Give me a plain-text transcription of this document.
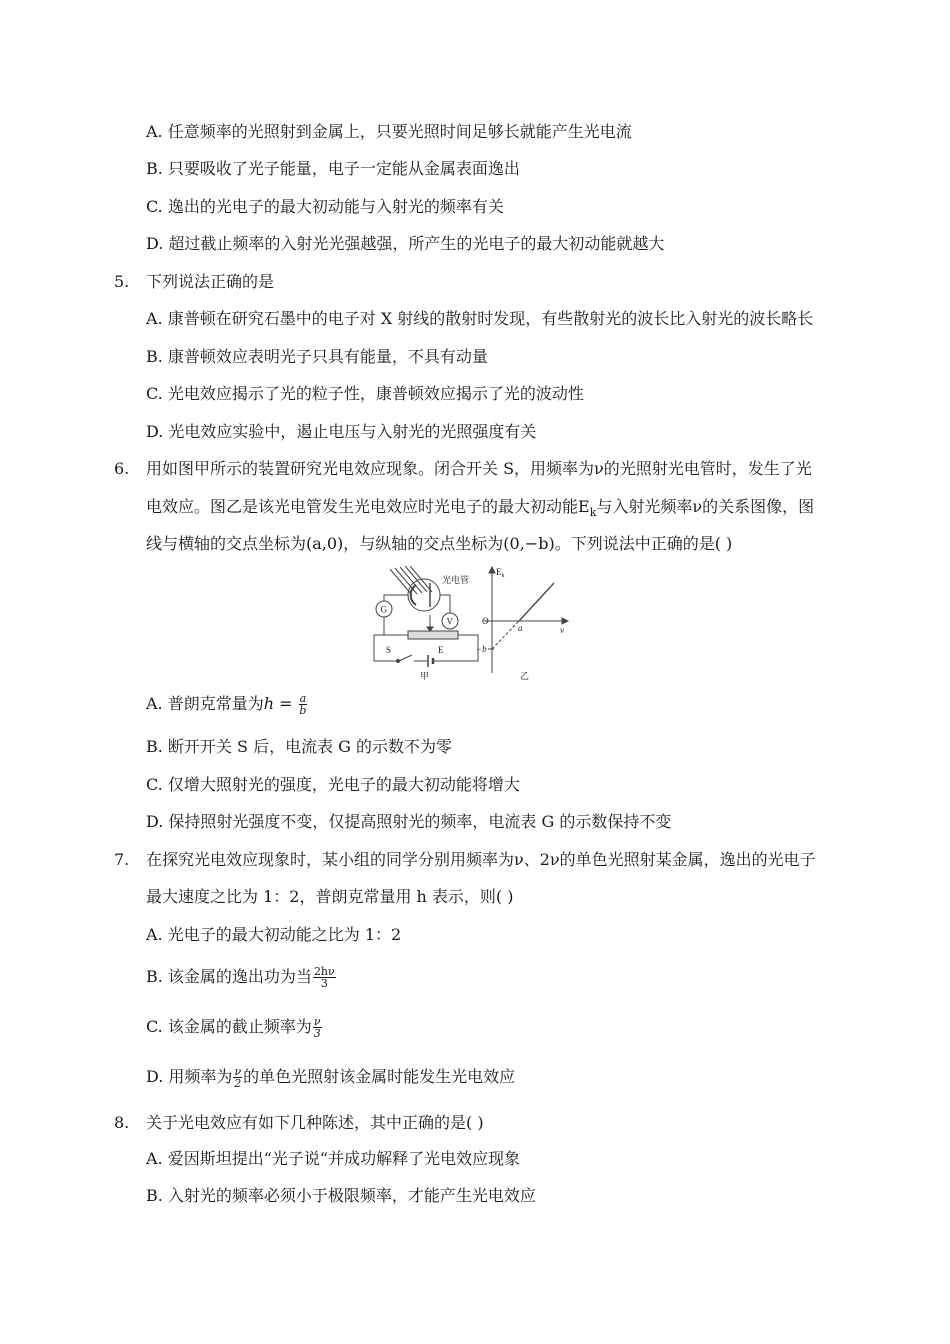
A. 任意频率的光照射到金属上，只要光照时间足够长就能产生光电流
B. 只要吸收了光子能量，电子一定能从金属表面逸出
C. 逸出的光电子的最大初动能与入射光的频率有关
D. 超过截止频率的入射光光强越强，所产生的光电子的最大初动能就越大
5. 下列说法正确的是
A. 康普顿在研究石墨中的电子对 X 射线的散射时发现，有些散射光的波长比入射光的波长略长
B. 康普顿效应表明光子只具有能量，不具有动量
C. 光电效应揭示了光的粒子性，康普顿效应揭示了光的波动性
D. 光电效应实验中，遏止电压与入射光的光照强度有关
6. 用如图甲所示的装置研究光电效应现象。闭合开关 S，用频率为ν的光照射光电管时，发生了光
电效应。图乙是该光电管发生光电效应时光电子的最大初动能$E_k$与入射光频率ν的关系图像，图
线与横轴的交点坐标为(a,0)，与纵轴的交点坐标为(0,−b)。下列说法中正确的是( )
光电管
G
V
S	E
甲	乙
$E_k$
ν
O
a
−b
A. 普朗克常量为$h = \frac{a}{b}$
B. 断开开关 S 后，电流表 G 的示数不为零
C. 仅增大照射光的强度，光电子的最大初动能将增大
D. 保持照射光强度不变，仅提高照射光的频率，电流表 G 的示数保持不变
7. 在探究光电效应现象时，某小组的同学分别用频率为ν、2ν的单色光照射某金属，逸出的光电子
最大速度之比为 1：2，普朗克常量用 h 表示，则( )
A. 光电子的最大初动能之比为 1：2
B. 该金属的逸出功为当 $\frac{2h\nu}{3}$
C. 该金属的截止频率为 $\frac{\nu}{3}$
D. 用频率为 $\frac{\nu}{2}$ 的单色光照射该金属时能发生光电效应
8. 关于光电效应有如下几种陈述，其中正确的是( )
A. 爱因斯坦提出“光子说“并成功解释了光电效应现象
B. 入射光的频率必须小于极限频率，才能产生光电效应
